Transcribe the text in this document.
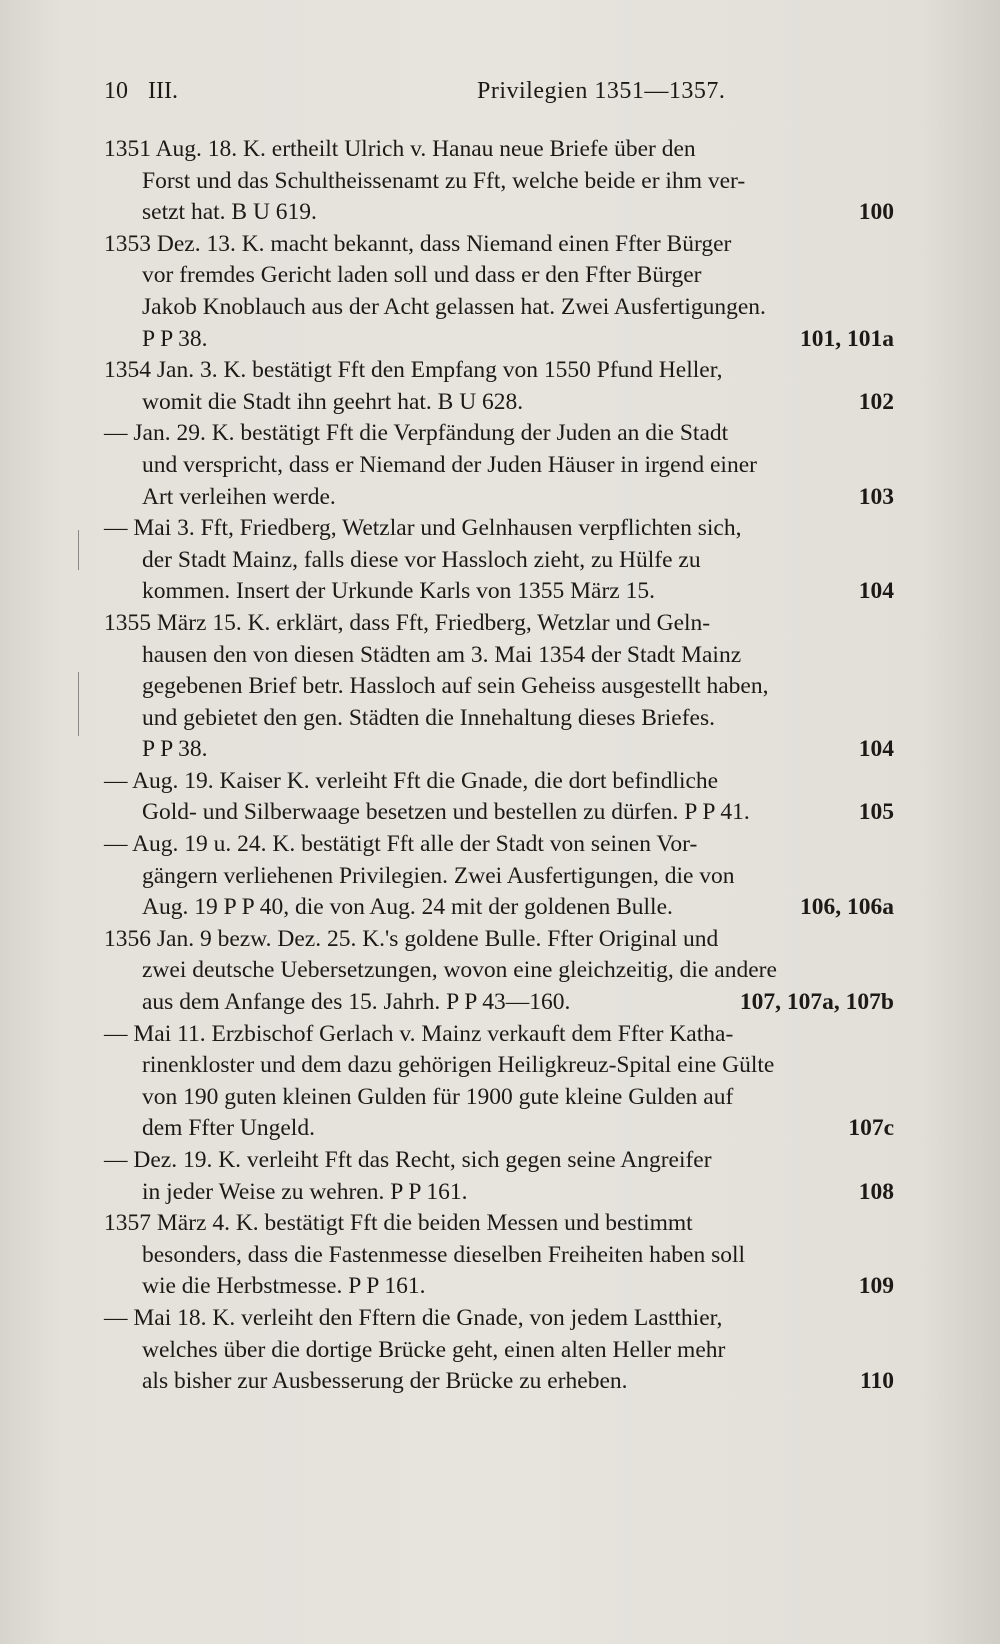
10 III.	Privilegien 1351—1357.
1351 Aug. 18. K. ertheilt Ulrich v. Hanau neue Briefe über den
Forst und das Schultheissenamt zu Fft, welche beide er ihm ver-
setzt hat. B U 619.	100
1353 Dez. 13. K. macht bekannt, dass Niemand einen Ffter Bürger
vor fremdes Gericht laden soll und dass er den Ffter Bürger
Jakob Knoblauch aus der Acht gelassen hat. Zwei Ausfertigungen.
P P 38.	101, 101a
1354 Jan. 3. K. bestätigt Fft den Empfang von 1550 Pfund Heller,
womit die Stadt ihn geehrt hat. B U 628.	102
— Jan. 29. K. bestätigt Fft die Verpfändung der Juden an die Stadt
und verspricht, dass er Niemand der Juden Häuser in irgend einer
Art verleihen werde.	103
— Mai 3. Fft, Friedberg, Wetzlar und Gelnhausen verpflichten sich,
der Stadt Mainz, falls diese vor Hassloch zieht, zu Hülfe zu
kommen. Insert der Urkunde Karls von 1355 März 15.	104
1355 März 15. K. erklärt, dass Fft, Friedberg, Wetzlar und Geln-
hausen den von diesen Städten am 3. Mai 1354 der Stadt Mainz
gegebenen Brief betr. Hassloch auf sein Geheiss ausgestellt haben,
und gebietet den gen. Städten die Innehaltung dieses Briefes.
P P 38.	104
— Aug. 19. Kaiser K. verleiht Fft die Gnade, die dort befindliche
Gold- und Silberwaage besetzen und bestellen zu dürfen. P P 41.	105
— Aug. 19 u. 24. K. bestätigt Fft alle der Stadt von seinen Vor-
gängern verliehenen Privilegien. Zwei Ausfertigungen, die von
Aug. 19 P P 40, die von Aug. 24 mit der goldenen Bulle.	106, 106a
1356 Jan. 9 bezw. Dez. 25. K.'s goldene Bulle. Ffter Original und
zwei deutsche Uebersetzungen, wovon eine gleichzeitig, die andere
aus dem Anfange des 15. Jahrh. P P 43—160.	107, 107a, 107b
— Mai 11. Erzbischof Gerlach v. Mainz verkauft dem Ffter Katha-
rinenkloster und dem dazu gehörigen Heiligkreuz-Spital eine Gülte
von 190 guten kleinen Gulden für 1900 gute kleine Gulden auf
dem Ffter Ungeld.	107c
— Dez. 19. K. verleiht Fft das Recht, sich gegen seine Angreifer
in jeder Weise zu wehren. P P 161.	108
1357 März 4. K. bestätigt Fft die beiden Messen und bestimmt
besonders, dass die Fastenmesse dieselben Freiheiten haben soll
wie die Herbstmesse. P P 161.	109
— Mai 18. K. verleiht den Fftern die Gnade, von jedem Lastthier,
welches über die dortige Brücke geht, einen alten Heller mehr
als bisher zur Ausbesserung der Brücke zu erheben.	110
